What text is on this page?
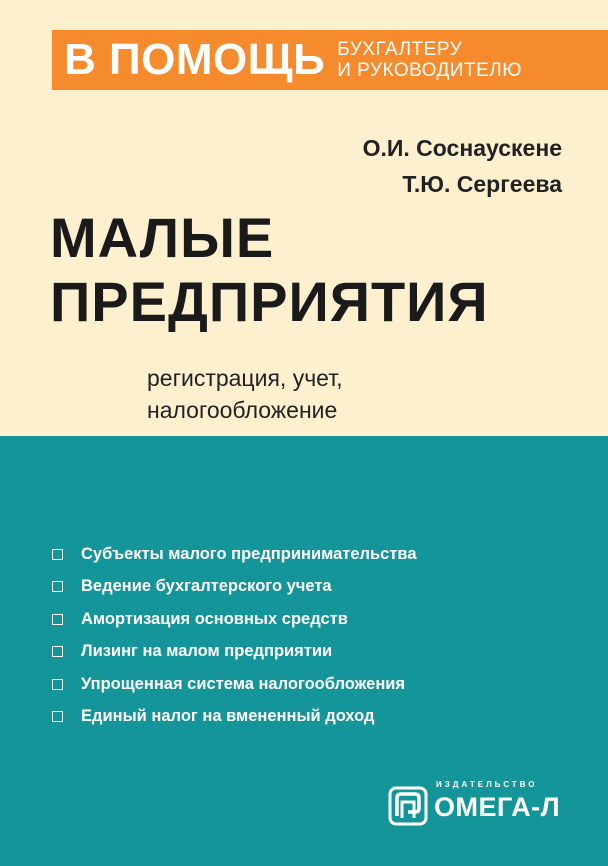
В ПОМОЩЬ БУХГАЛТЕРУ
И РУКОВОДИТЕЛЮ
О.И. Соснаускене
Т.Ю. Сергеева
МАЛЫЕ
ПРЕДПРИЯТИЯ
регистрация, учет,
налогообложение
Субъекты малого предпринимательства
Ведение бухгалтерского учета
Амортизация основных средств
Лизинг на малом предприятии
Упрощенная система налогообложения
Единый налог на вмененный доход
ИЗДАТЕЛЬСТВО
ОМЕГА-Л
